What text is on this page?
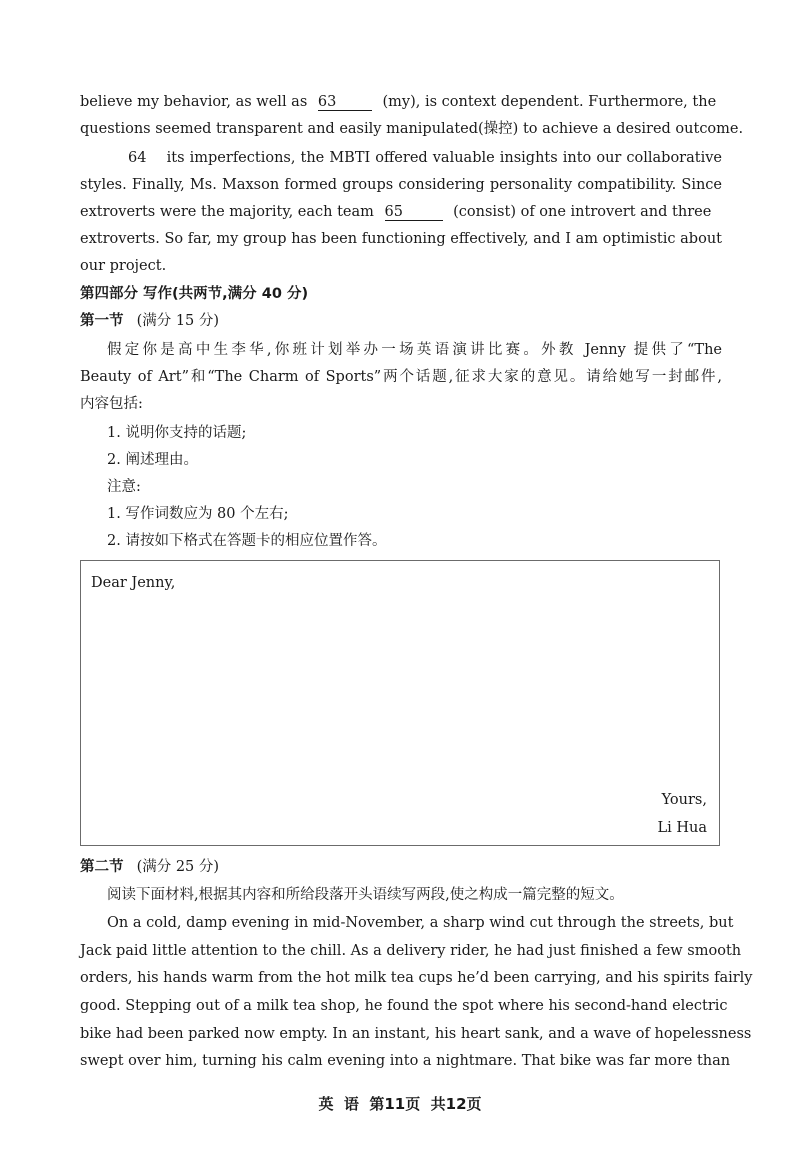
believe my behavior, as well as 63	(my), is context dependent. Furthermore, the
questions seemed transparent and easily manipulated(操控) to achieve a desired outcome.
64    its imperfections, the MBTI offered valuable insights into our collaborative
styles. Finally, Ms. Maxson formed groups considering personality compatibility. Since
extroverts were the majority, each team 65	(consist) of one introvert and three
extroverts. So far, my group has been functioning effectively, and I am optimistic about
our project.
第四部分 写作(共两节,满分 40 分)
第一节 (满分 15 分)
假定你是高中生李华,你班计划举办一场英语演讲比赛。外教 Jenny 提供了“The
Beauty of Art”和“The Charm of Sports”两个话题,征求大家的意见。请给她写一封邮件,
内容包括:
1. 说明你支持的话题;
2. 阐述理由。
注意:
1. 写作词数应为 80 个左右;
2. 请按如下格式在答题卡的相应位置作答。
Dear Jenny,
Yours,
Li Hua
第二节 (满分 25 分)
阅读下面材料,根据其内容和所给段落开头语续写两段,使之构成一篇完整的短文。
On a cold, damp evening in mid-November, a sharp wind cut through the streets, but
Jack paid little attention to the chill. As a delivery rider, he had just finished a few smooth
orders, his hands warm from the hot milk tea cups he’d been carrying, and his spirits fairly
good. Stepping out of a milk tea shop, he found the spot where his second-hand electric
bike had been parked now empty. In an instant, his heart sank, and a wave of hopelessness
swept over him, turning his calm evening into a nightmare. That bike was far more than
英  语  第11页  共12页
